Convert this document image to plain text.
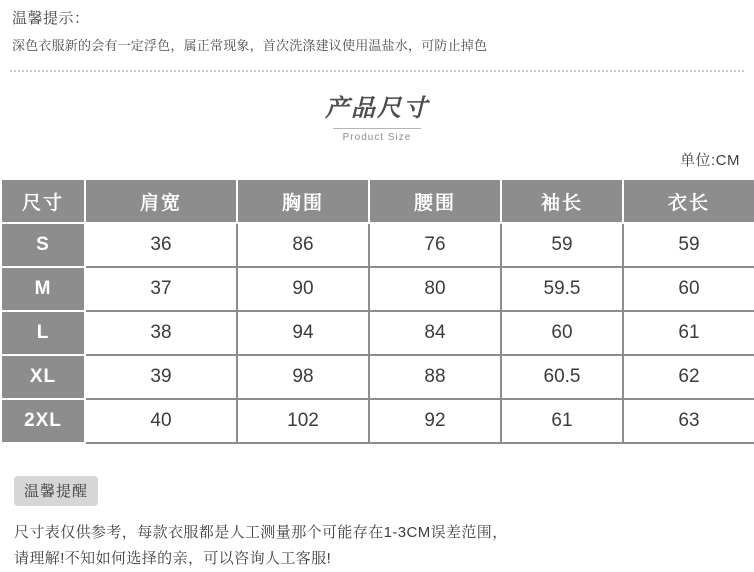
温馨提示：
深色衣服新的会有一定浮色，属正常现象，首次洗涤建议使用温盐水，可防止掉色
产品尺寸
Product Size
单位:CM
尺寸	肩宽	胸围	腰围	袖长	衣长
S	36	86	76	59	59
M	37	90	80	59.5	60
L	38	94	84	60	61
XL	39	98	88	60.5	62
2XL	40	102	92	61	63
温馨提醒
尺寸表仅供参考，每款衣服都是人工测量那个可能存在1-3CM误差范围，
请理解!不知如何选择的亲，可以咨询人工客服!
